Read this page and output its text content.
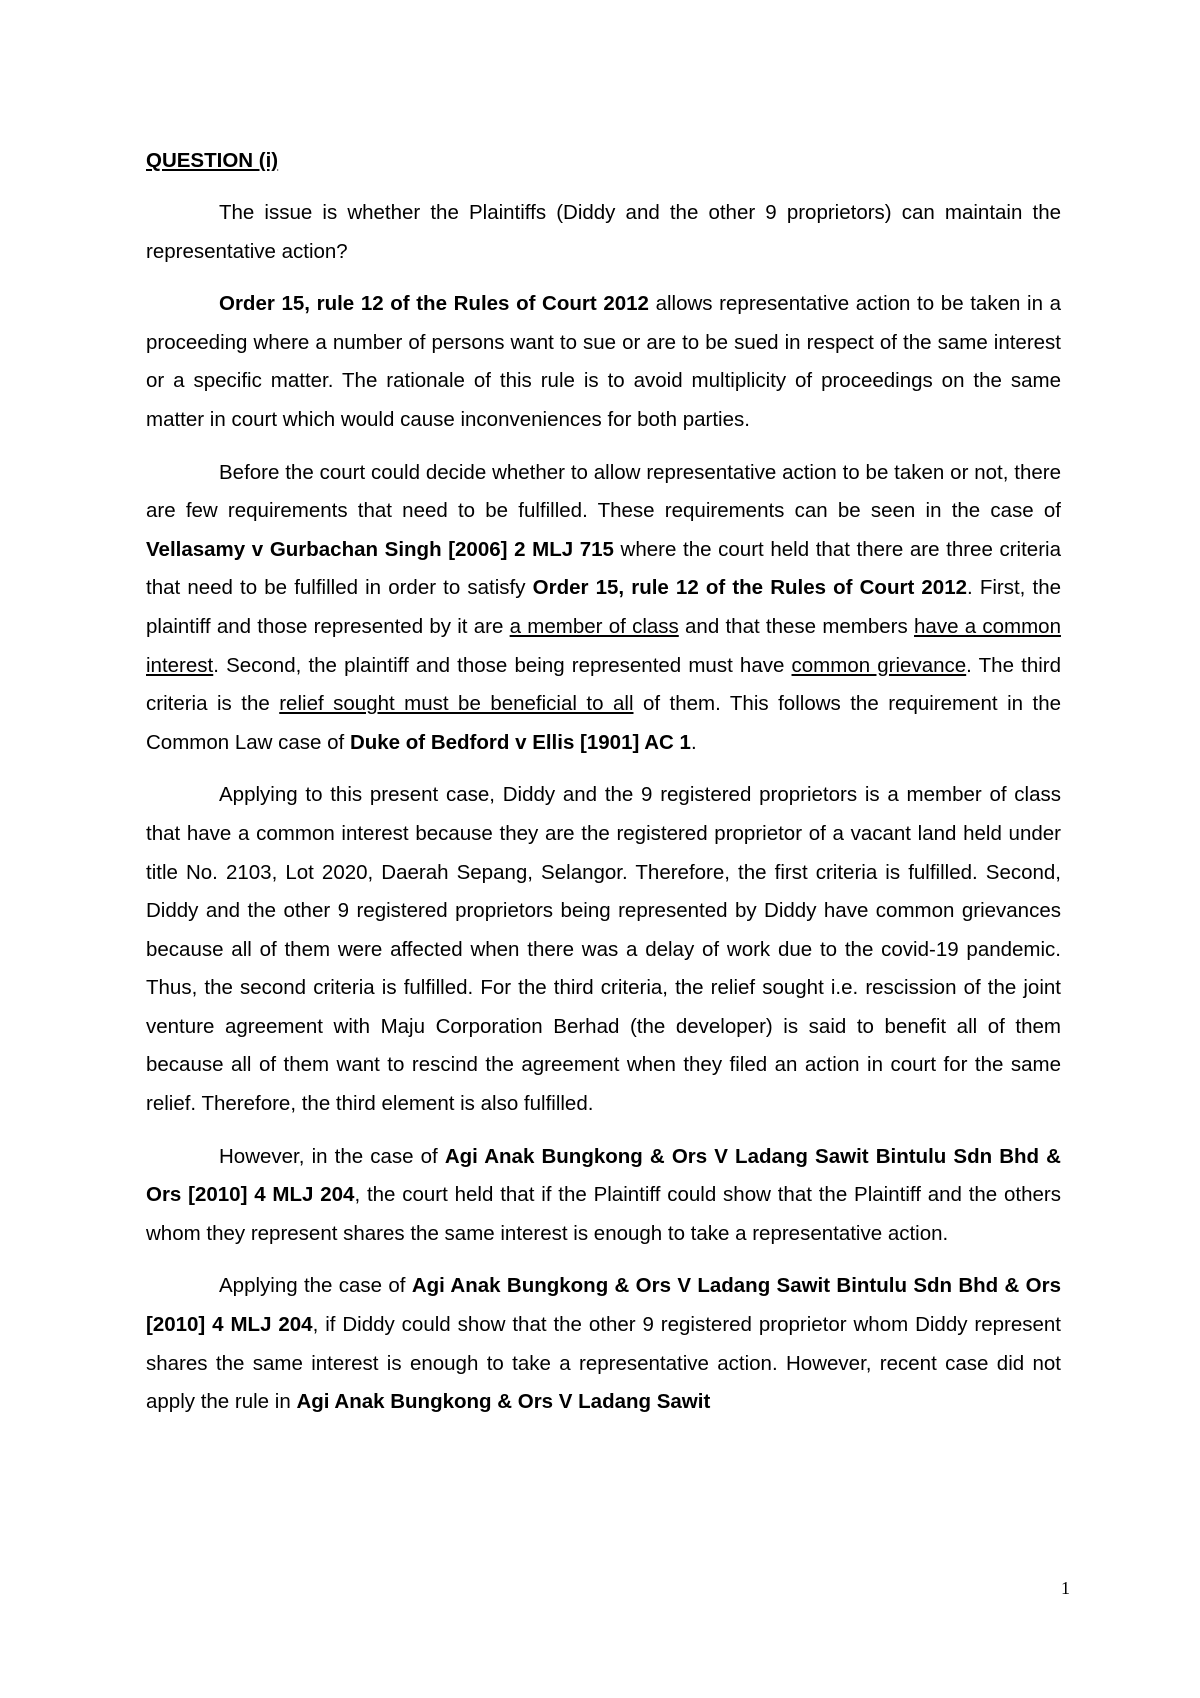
QUESTION (i)

The issue is whether the Plaintiffs (Diddy and the other 9 proprietors) can maintain the representative action?

Order 15, rule 12 of the Rules of Court 2012 allows representative action to be taken in a proceeding where a number of persons want to sue or are to be sued in respect of the same interest or a specific matter. The rationale of this rule is to avoid multiplicity of proceedings on the same matter in court which would cause inconveniences for both parties.

Before the court could decide whether to allow representative action to be taken or not, there are few requirements that need to be fulfilled. These requirements can be seen in the case of Vellasamy v Gurbachan Singh [2006] 2 MLJ 715 where the court held that there are three criteria that need to be fulfilled in order to satisfy Order 15, rule 12 of the Rules of Court 2012. First, the plaintiff and those represented by it are a member of class and that these members have a common interest. Second, the plaintiff and those being represented must have common grievance. The third criteria is the relief sought must be beneficial to all of them. This follows the requirement in the Common Law case of Duke of Bedford v Ellis [1901] AC 1.

Applying to this present case, Diddy and the 9 registered proprietors is a member of class that have a common interest because they are the registered proprietor of a vacant land held under title No. 2103, Lot 2020, Daerah Sepang, Selangor. Therefore, the first criteria is fulfilled. Second, Diddy and the other 9 registered proprietors being represented by Diddy have common grievances because all of them were affected when there was a delay of work due to the covid-19 pandemic. Thus, the second criteria is fulfilled. For the third criteria, the relief sought i.e. rescission of the joint venture agreement with Maju Corporation Berhad (the developer) is said to benefit all of them because all of them want to rescind the agreement when they filed an action in court for the same relief. Therefore, the third element is also fulfilled.

However, in the case of Agi Anak Bungkong & Ors V Ladang Sawit Bintulu Sdn Bhd & Ors [2010] 4 MLJ 204, the court held that if the Plaintiff could show that the Plaintiff and the others whom they represent shares the same interest is enough to take a representative action.

Applying the case of Agi Anak Bungkong & Ors V Ladang Sawit Bintulu Sdn Bhd & Ors [2010] 4 MLJ 204, if Diddy could show that the other 9 registered proprietor whom Diddy represent shares the same interest is enough to take a representative action. However, recent case did not apply the rule in Agi Anak Bungkong & Ors V Ladang Sawit

1
